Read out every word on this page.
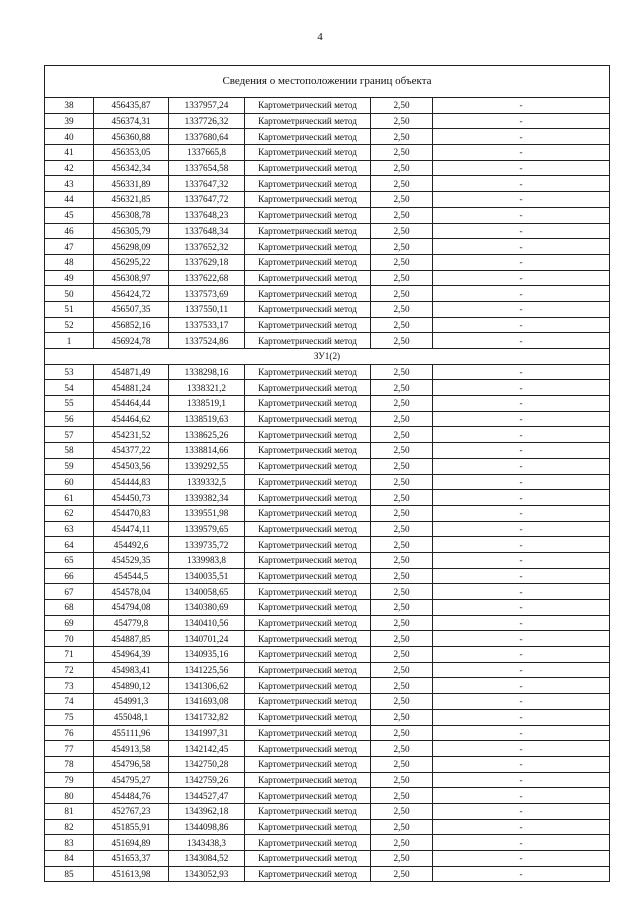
4
Сведения о местоположении границ объекта					
38	456435,87	1337957,24	Картометрический метод	2,50	-
39	456374,31	1337726,32	Картометрический метод	2,50	-
40	456360,88	1337680,64	Картометрический метод	2,50	-
41	456353,05	1337665,8	Картометрический метод	2,50	-
42	456342,34	1337654,58	Картометрический метод	2,50	-
43	456331,89	1337647,32	Картометрический метод	2,50	-
44	456321,85	1337647,72	Картометрический метод	2,50	-
45	456308,78	1337648,23	Картометрический метод	2,50	-
46	456305,79	1337648,34	Картометрический метод	2,50	-
47	456298,09	1337652,32	Картометрический метод	2,50	-
48	456295,22	1337629,18	Картометрический метод	2,50	-
49	456308,97	1337622,68	Картометрический метод	2,50	-
50	456424,72	1337573,69	Картометрический метод	2,50	-
51	456507,35	1337550,11	Картометрический метод	2,50	-
52	456852,16	1337533,17	Картометрический метод	2,50	-
1	456924,78	1337524,86	Картометрический метод	2,50	-
ЗУ1(2)					
53	454871,49	1338298,16	Картометрический метод	2,50	-
54	454881,24	1338321,2	Картометрический метод	2,50	-
55	454464,44	1338519,1	Картометрический метод	2,50	-
56	454464,62	1338519,63	Картометрический метод	2,50	-
57	454231,52	1338625,26	Картометрический метод	2,50	-
58	454377,22	1338814,66	Картометрический метод	2,50	-
59	454503,56	1339292,55	Картометрический метод	2,50	-
60	454444,83	1339332,5	Картометрический метод	2,50	-
61	454450,73	1339382,34	Картометрический метод	2,50	-
62	454470,83	1339551,98	Картометрический метод	2,50	-
63	454474,11	1339579,65	Картометрический метод	2,50	-
64	454492,6	1339735,72	Картометрический метод	2,50	-
65	454529,35	1339983,8	Картометрический метод	2,50	-
66	454544,5	1340035,51	Картометрический метод	2,50	-
67	454578,04	1340058,65	Картометрический метод	2,50	-
68	454794,08	1340380,69	Картометрический метод	2,50	-
69	454779,8	1340410,56	Картометрический метод	2,50	-
70	454887,85	1340701,24	Картометрический метод	2,50	-
71	454964,39	1340935,16	Картометрический метод	2,50	-
72	454983,41	1341225,56	Картометрический метод	2,50	-
73	454890,12	1341306,62	Картометрический метод	2,50	-
74	454991,3	1341693,08	Картометрический метод	2,50	-
75	455048,1	1341732,82	Картометрический метод	2,50	-
76	455111,96	1341997,31	Картометрический метод	2,50	-
77	454913,58	1342142,45	Картометрический метод	2,50	-
78	454796,58	1342750,28	Картометрический метод	2,50	-
79	454795,27	1342759,26	Картометрический метод	2,50	-
80	454484,76	1344527,47	Картометрический метод	2,50	-
81	452767,23	1343962,18	Картометрический метод	2,50	-
82	451855,91	1344098,86	Картометрический метод	2,50	-
83	451694,89	1343438,3	Картометрический метод	2,50	-
84	451653,37	1343084,52	Картометрический метод	2,50	-
85	451613,98	1343052,93	Картометрический метод	2,50	-
